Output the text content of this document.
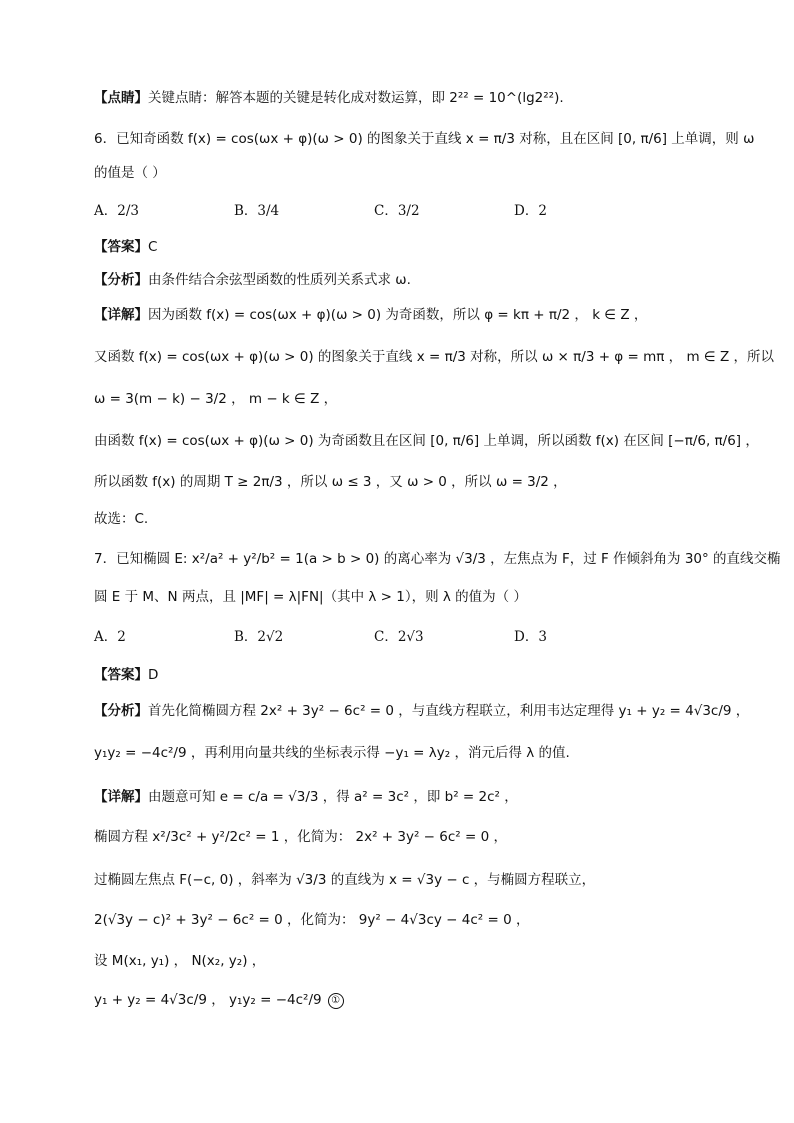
【点睛】关键点睛：解答本题的关键是转化成对数运算，即 2²² = 10^(lg2²²).
6．已知奇函数 f(x) = cos(ωx + φ)(ω > 0) 的图象关于直线 x = π/3 对称，且在区间 [0, π/6] 上单调，则 ω
的值是（ ）
A．2/3	B．3/4	C．3/2	D．2
【答案】C
【分析】由条件结合余弦型函数的性质列关系式求 ω.
【详解】因为函数 f(x) = cos(ωx + φ)(ω > 0) 为奇函数，所以 φ = kπ + π/2 ， k ∈ Z ，
又函数 f(x) = cos(ωx + φ)(ω > 0) 的图象关于直线 x = π/3 对称，所以 ω × π/3 + φ = mπ ， m ∈ Z ，所以
ω = 3(m − k) − 3/2 ， m − k ∈ Z ，
由函数 f(x) = cos(ωx + φ)(ω > 0) 为奇函数且在区间 [0, π/6] 上单调，所以函数 f(x) 在区间 [−π/6, π/6] ，
所以函数 f(x) 的周期 T ≥ 2π/3 ，所以 ω ≤ 3 ，又 ω > 0 ，所以 ω = 3/2 ，
故选：C.
7．已知椭圆 E: x²/a² + y²/b² = 1(a > b > 0) 的离心率为 √3/3 ，左焦点为 F，过 F 作倾斜角为 30° 的直线交椭
圆 E 于 M、N 两点，且 |MF| = λ|FN|（其中 λ > 1），则 λ 的值为（ ）
A．2	B．2√2	C．2√3	D．3
【答案】D
【分析】首先化简椭圆方程 2x² + 3y² − 6c² = 0 ，与直线方程联立，利用韦达定理得 y₁ + y₂ = 4√3c/9 ，
y₁y₂ = −4c²/9 ，再利用向量共线的坐标表示得 −y₁ = λy₂ ，消元后得 λ 的值.
【详解】由题意可知 e = c/a = √3/3 ，得 a² = 3c² ，即 b² = 2c² ，
椭圆方程 x²/3c² + y²/2c² = 1 ，化简为： 2x² + 3y² − 6c² = 0 ，
过椭圆左焦点 F(−c, 0) ，斜率为 √3/3 的直线为 x = √3y − c ，与椭圆方程联立，
2(√3y − c)² + 3y² − 6c² = 0 ，化简为： 9y² − 4√3cy − 4c² = 0 ，
设 M(x₁, y₁) ， N(x₂, y₂) ，
y₁ + y₂ = 4√3c/9 ， y₁y₂ = −4c²/9 ①
